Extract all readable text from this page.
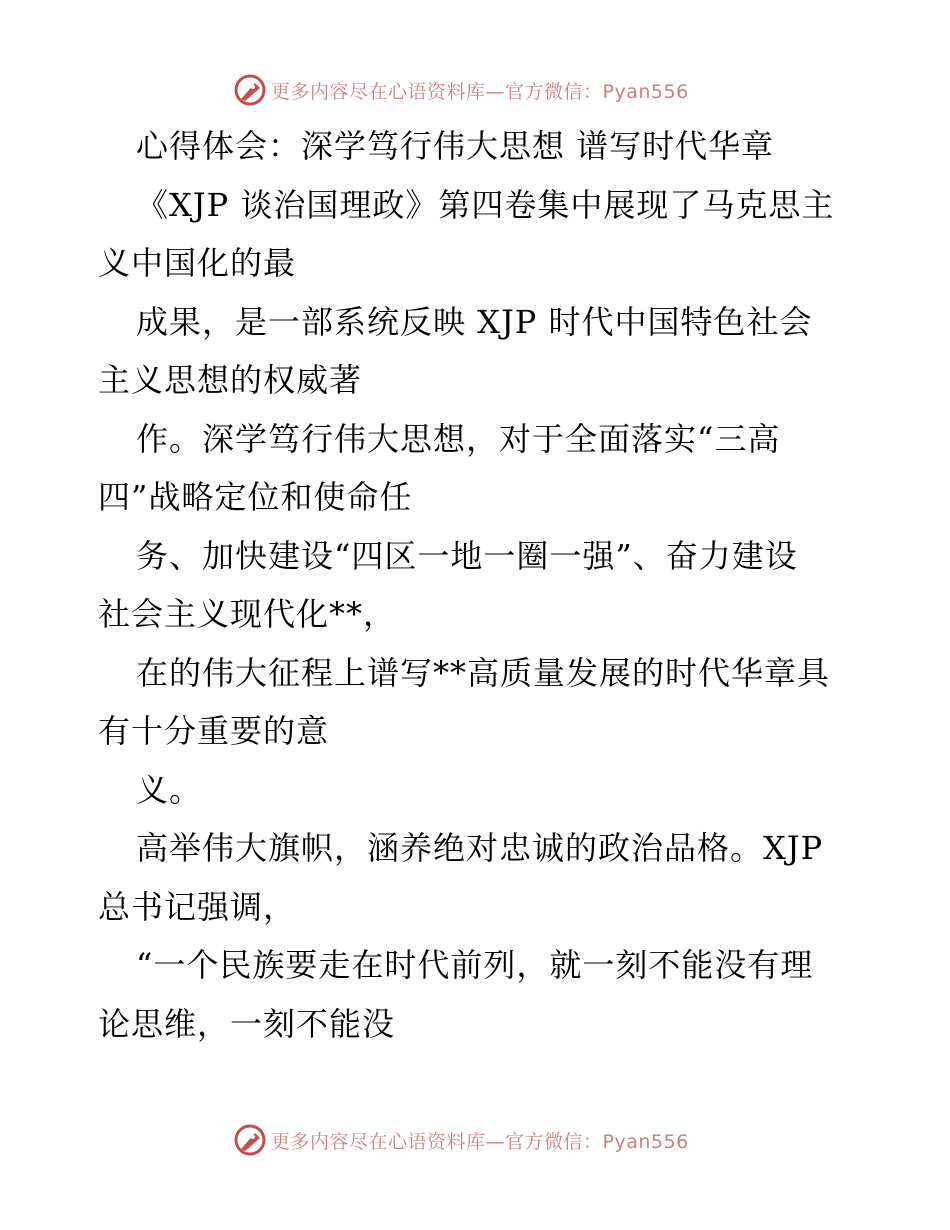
更多内容尽在心语资料库—官方微信：Pyan556
心得体会：深学笃行伟大思想 谱写时代华章
《XJP 谈治国理政》第四卷集中展现了马克思主
义中国化的最
成果，是一部系统反映 XJP 时代中国特色社会
主义思想的权威著
作。深学笃行伟大思想，对于全面落实“三高
四”战略定位和使命任
务、加快建设“四区一地一圈一强”、奋力建设
社会主义现代化**，
在的伟大征程上谱写**高质量发展的时代华章具
有十分重要的意
义。
高举伟大旗帜，涵养绝对忠诚的政治品格。XJP
总书记强调，
“一个民族要走在时代前列，就一刻不能没有理
论思维，一刻不能没
更多内容尽在心语资料库—官方微信：Pyan556
